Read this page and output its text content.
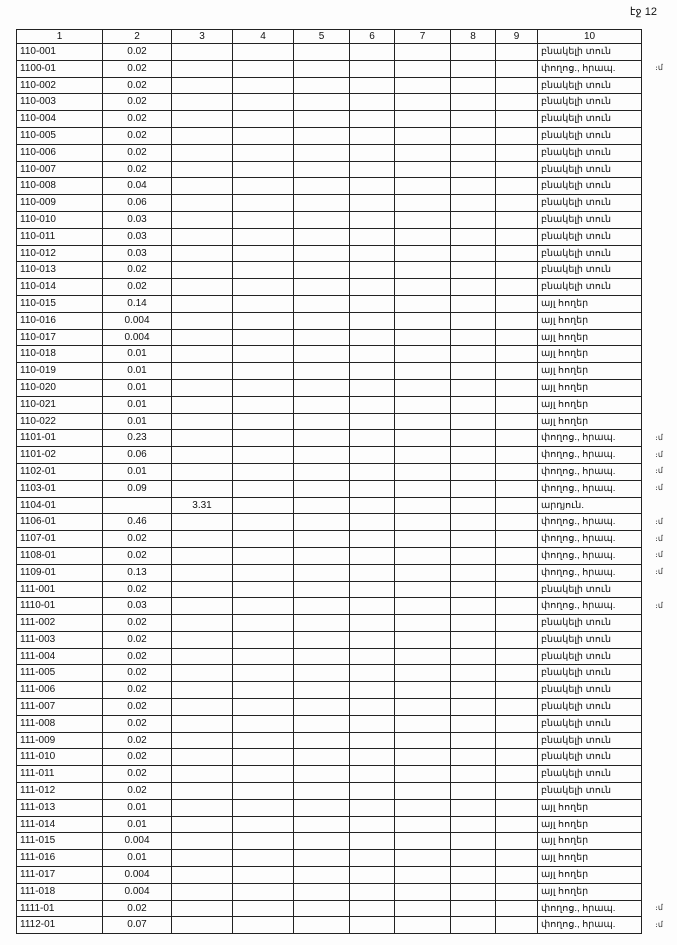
էջ 12
1	2	3	4	5	6	7	8	9	10
110-001	0.02								բնակելի տուն
1100-01	0.02								փողոց., հրապ.
110-002	0.02								բնակելի տուն
110-003	0.02								բնակելի տուն
110-004	0.02								բնակելի տուն
110-005	0.02								բնակելի տուն
110-006	0.02								բնակելի տուն
110-007	0.02								բնակելի տուն
110-008	0.04								բնակելի տուն
110-009	0.06								բնակելի տուն
110-010	0.03								բնակելի տուն
110-011	0.03								բնակելի տուն
110-012	0.03								բնակելի տուն
110-013	0.02								բնակելի տուն
110-014	0.02								բնակելի տուն
110-015	0.14								այլ հողեր
110-016	0.004								այլ հողեր
110-017	0.004								այլ հողեր
110-018	0.01								այլ հողեր
110-019	0.01								այլ հողեր
110-020	0.01								այլ հողեր
110-021	0.01								այլ հողեր
110-022	0.01								այլ հողեր
1101-01	0.23								փողոց., հրապ.
1101-02	0.06								փողոց., հրապ.
1102-01	0.01								փողոց., հրապ.
1103-01	0.09								փողոց., հրապ.
1104-01		3.31							արդյուն.
1106-01	0.46								փողոց., հրապ.
1107-01	0.02								փողոց., հրապ.
1108-01	0.02								փողոց., հրապ.
1109-01	0.13								փողոց., հրապ.
111-001	0.02								բնակելի տուն
1110-01	0.03								փողոց., հրապ.
111-002	0.02								բնակելի տուն
111-003	0.02								բնակելի տուն
111-004	0.02								բնակելի տուն
111-005	0.02								բնակելի տուն
111-006	0.02								բնակելի տուն
111-007	0.02								բնակելի տուն
111-008	0.02								բնակելի տուն
111-009	0.02								բնակելի տուն
111-010	0.02								բնակելի տուն
111-011	0.02								բնակելի տուն
111-012	0.02								բնակելի տուն
111-013	0.01								այլ հողեր
111-014	0.01								այլ հողեր
111-015	0.004								այլ հողեր
111-016	0.01								այլ հողեր
111-017	0.004								այլ հողեր
111-018	0.004								այլ հողեր
1111-01	0.02								փողոց., հրապ.
1112-01	0.07								փողոց., հրապ.
։մ
։մ
։մ
։մ
։մ
։մ
։մ
։մ
։մ
։մ
։մ
։մ
